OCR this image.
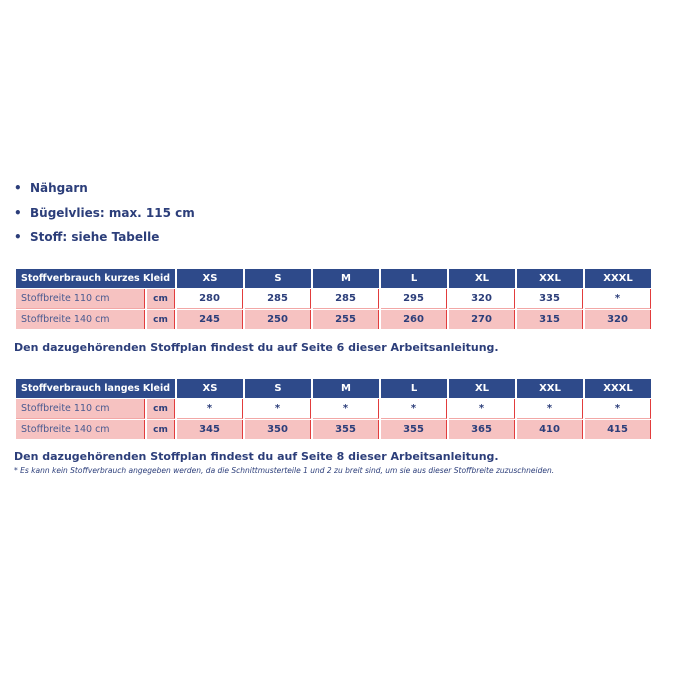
• Nähgarn
• Bügelvlies: max. 115 cm
• Stoff: siehe Tabelle
Stoffverbrauch kurzes Kleid		XS	S	M	L	XL	XXL	XXXL
Stoffbreite 110 cm	cm	280	285	285	295	320	335	*
Stoffbreite 140 cm	cm	245	250	255	260	270	315	320

Den dazugehörenden Stoffplan findest du auf Seite 6 dieser Arbeitsanleitung.

Stoffverbrauch langes Kleid		XS	S	M	L	XL	XXL	XXXL
Stoffbreite 110 cm	cm	*	*	*	*	*	*	*
Stoffbreite 140 cm	cm	345	350	355	355	365	410	415

Den dazugehörenden Stoffplan findest du auf Seite 8 dieser Arbeitsanleitung.

* Es kann kein Stoffverbrauch angegeben werden, da die Schnittmusterteile 1 und 2 zu breit sind, um sie aus dieser Stoffbreite zuzuschneiden.
